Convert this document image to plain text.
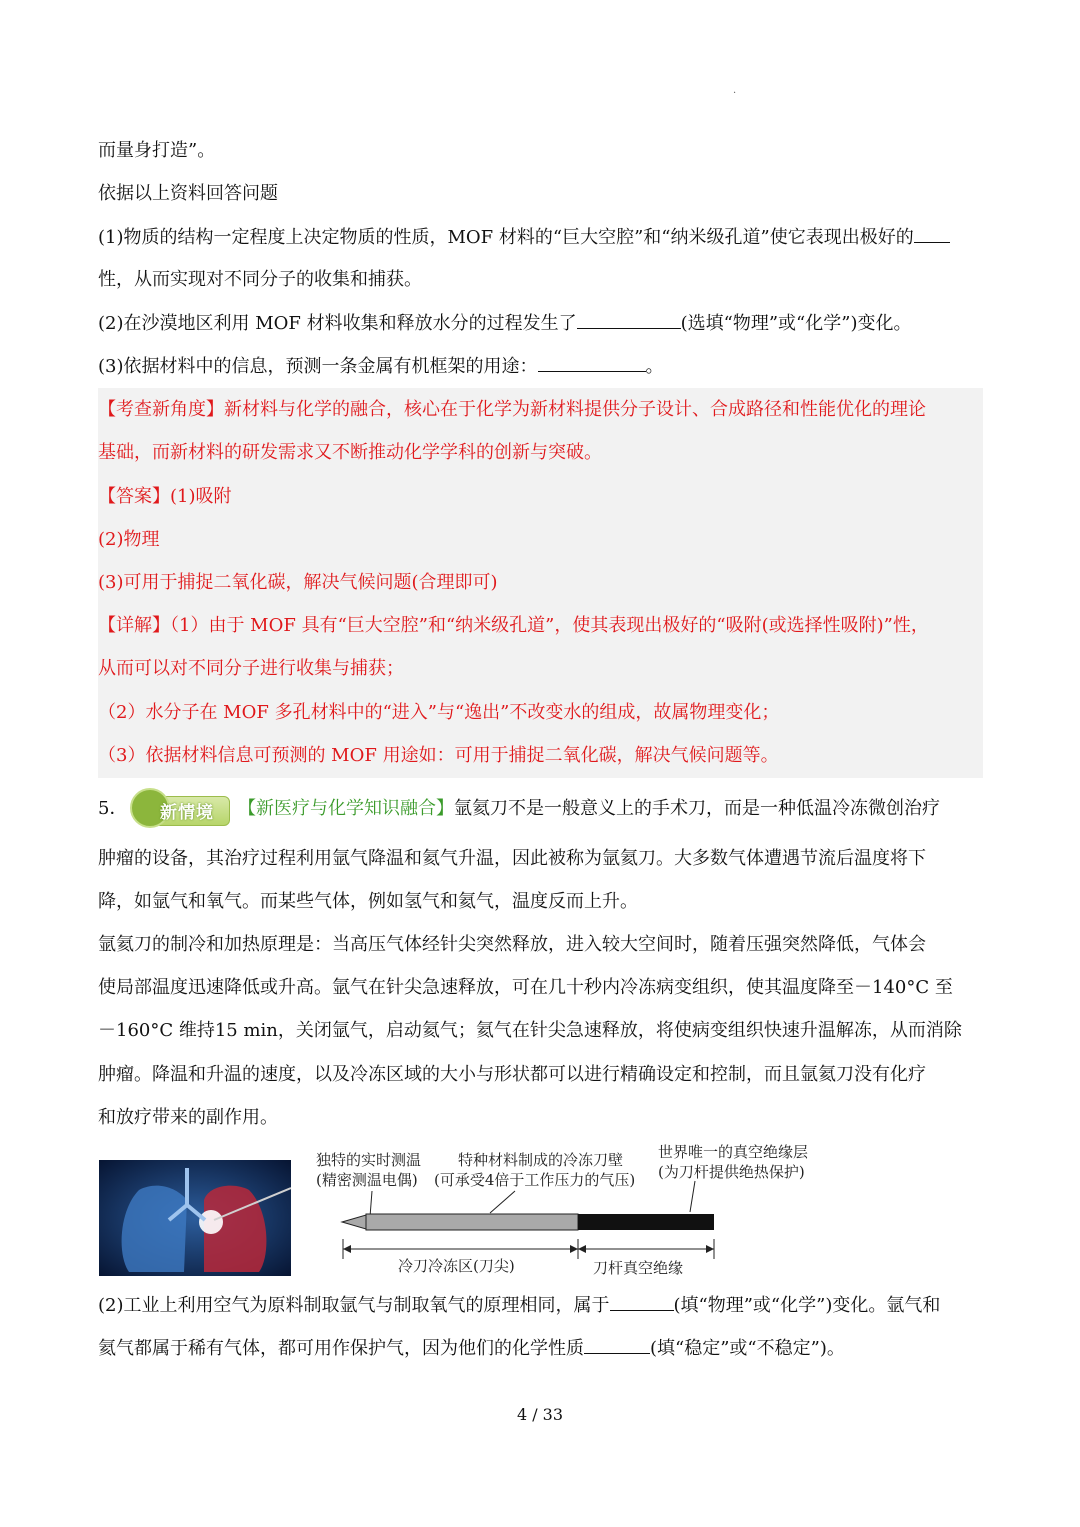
·
而量身打造”。
依据以上资料回答问题
(1)物质的结构一定程度上决定物质的性质，MOF 材料的“巨大空腔”和“纳米级孔道”使它表现出极好的
性，从而实现对不同分子的收集和捕获。
(2)在沙漠地区利用 MOF 材料收集和释放水分的过程发生了	(选填“物理”或“化学”)变化。
(3)依据材料中的信息，预测一条金属有机框架的用途：	。
【考查新角度】新材料与化学的融合，核心在于化学为新材料提供分子设计、合成路径和性能优化的理论
基础，而新材料的研发需求又不断推动化学学科的创新与突破。
【答案】(1)吸附
(2)物理
(3)可用于捕捉二氧化碳，解决气候问题(合理即可)
【详解】（1）由于 MOF 具有“巨大空腔”和“纳米级孔道”，使其表现出极好的“吸附(或选择性吸附)”性，
从而可以对不同分子进行收集与捕获；
（2）水分子在 MOF 多孔材料中的“进入”与“逸出”不改变水的组成，故属物理变化；
（3）依据材料信息可预测的 MOF 用途如：可用于捕捉二氧化碳，解决气候问题等。
5． 新情境 【新医疗与化学知识融合】氩氦刀不是一般意义上的手术刀，而是一种低温冷冻微创治疗
肿瘤的设备，其治疗过程利用氩气降温和氦气升温，因此被称为氩氦刀。大多数气体遭遇节流后温度将下
降，如氩气和氧气。而某些气体，例如氢气和氦气，温度反而上升。
氩氦刀的制冷和加热原理是：当高压气体经针尖突然释放，进入较大空间时，随着压强突然降低，气体会
使局部温度迅速降低或升高。氩气在针尖急速释放，可在几十秒内冷冻病变组织，使其温度降至－140°C 至
－160°C 维持15 min，关闭氩气，启动氦气；氦气在针尖急速释放，将使病变组织快速升温解冻，从而消除
肿瘤。降温和升温的速度，以及冷冻区域的大小与形状都可以进行精确设定和控制，而且氩氦刀没有化疗
和放疗带来的副作用。
独特的实时测温
(精密测温电偶)
特种材料制成的冷冻刀壁
(可承受4倍于工作压力的气压)
世界唯一的真空绝缘层
(为刀杆提供绝热保护)
冷刀冷冻区(刀尖)	刀杆真空绝缘
(2)工业上利用空气为原料制取氩气与制取氧气的原理相同，属于	(填“物理”或“化学”)变化。氩气和
氦气都属于稀有气体，都可用作保护气，因为他们的化学性质	(填“稳定”或“不稳定”)。
4 / 33
